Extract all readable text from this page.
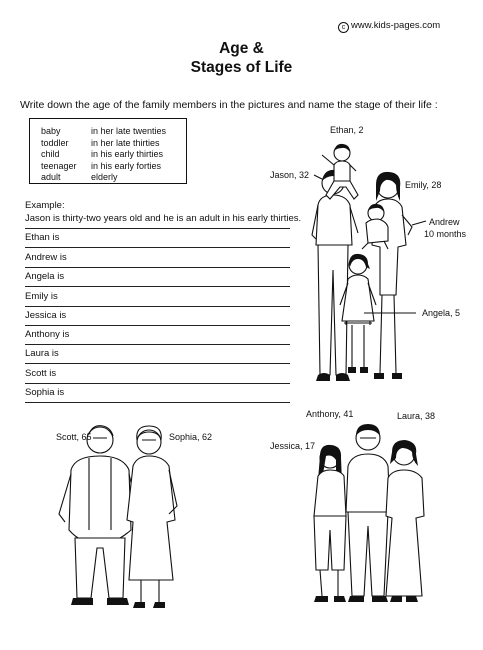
c www.kids-pages.com
Age &
Stages of Life
Write down the age of the family members in the pictures and name the stage of their life :
baby
toddler
child
teenager
adult
in her late twenties
in her late thirties
in his early thirties
in his early forties
elderly
Example:
Jason is thirty-two years old and he is an adult in his early thirties.
Ethan is
Andrew is
Angela is
Emily is
Jessica is
Anthony is
Laura is
Scott is
Sophia is
Ethan, 2
Jason, 32
Emily, 28
Andrew
10 months
Angela, 5
Scott, 65	Sophia, 62
Anthony, 41	Laura, 38
Jessica, 17
